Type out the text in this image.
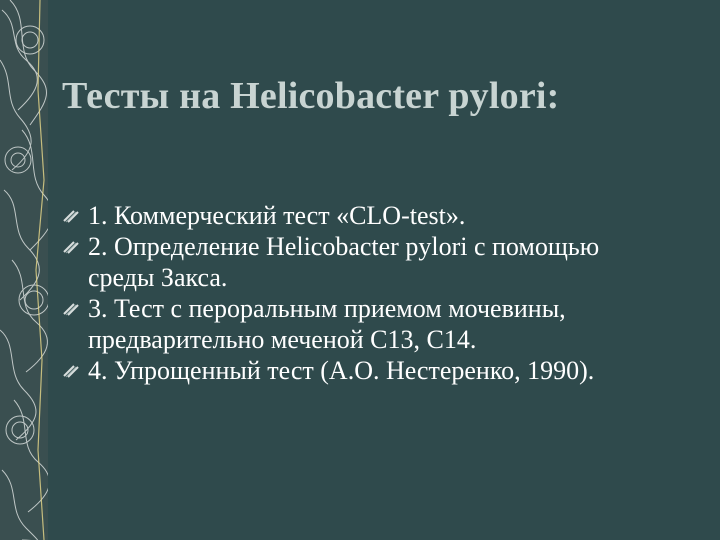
Тесты на Helicobacter pylori:
1. Коммерческий тест «CLO-test».
2. Определение Helicobacter pylori с помощью среды Закса.
3. Тест с пероральным приемом мочевины, предварительно меченой С13, С14.
4. Упрощенный тест (А.О. Нестеренко, 1990).
